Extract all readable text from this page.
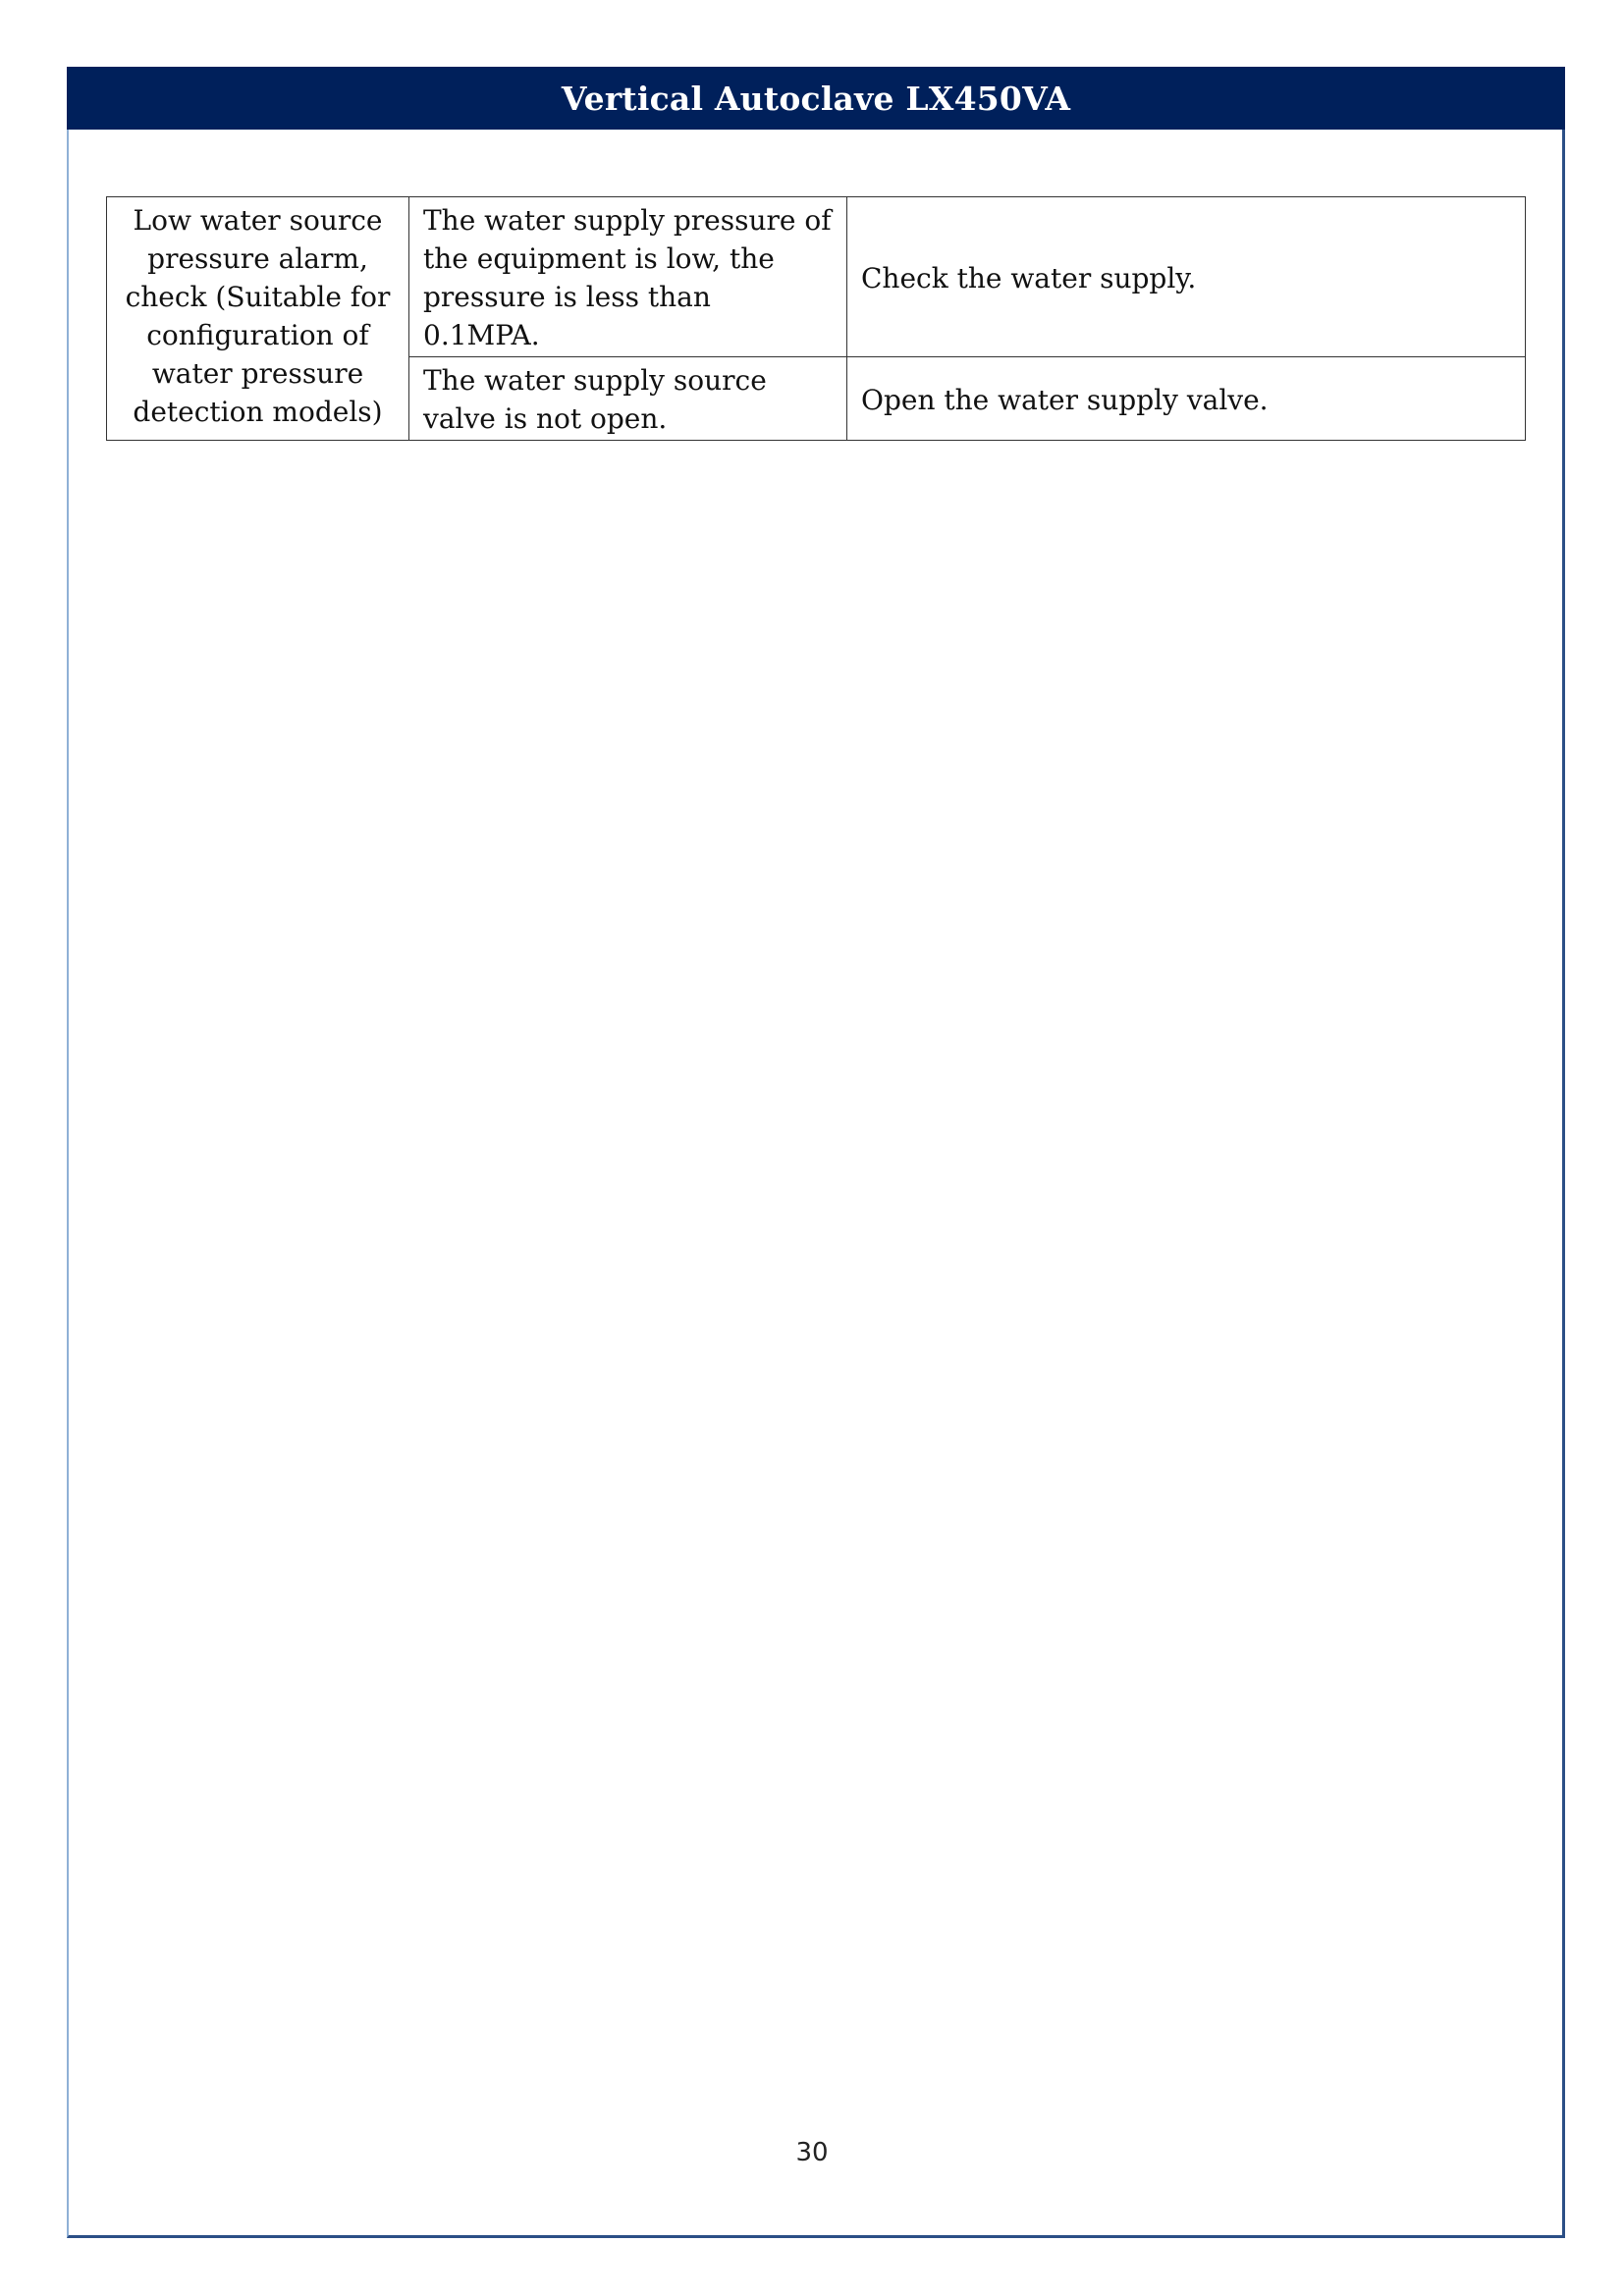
Vertical Autoclave LX450VA
Low water source pressure alarm, check (Suitable for configuration of water pressure detection models)	The water supply pressure of the equipment is low, the pressure is less than 0.1MPA.	Check the water supply.
	The water supply source valve is not open.	Open the water supply valve.
30
